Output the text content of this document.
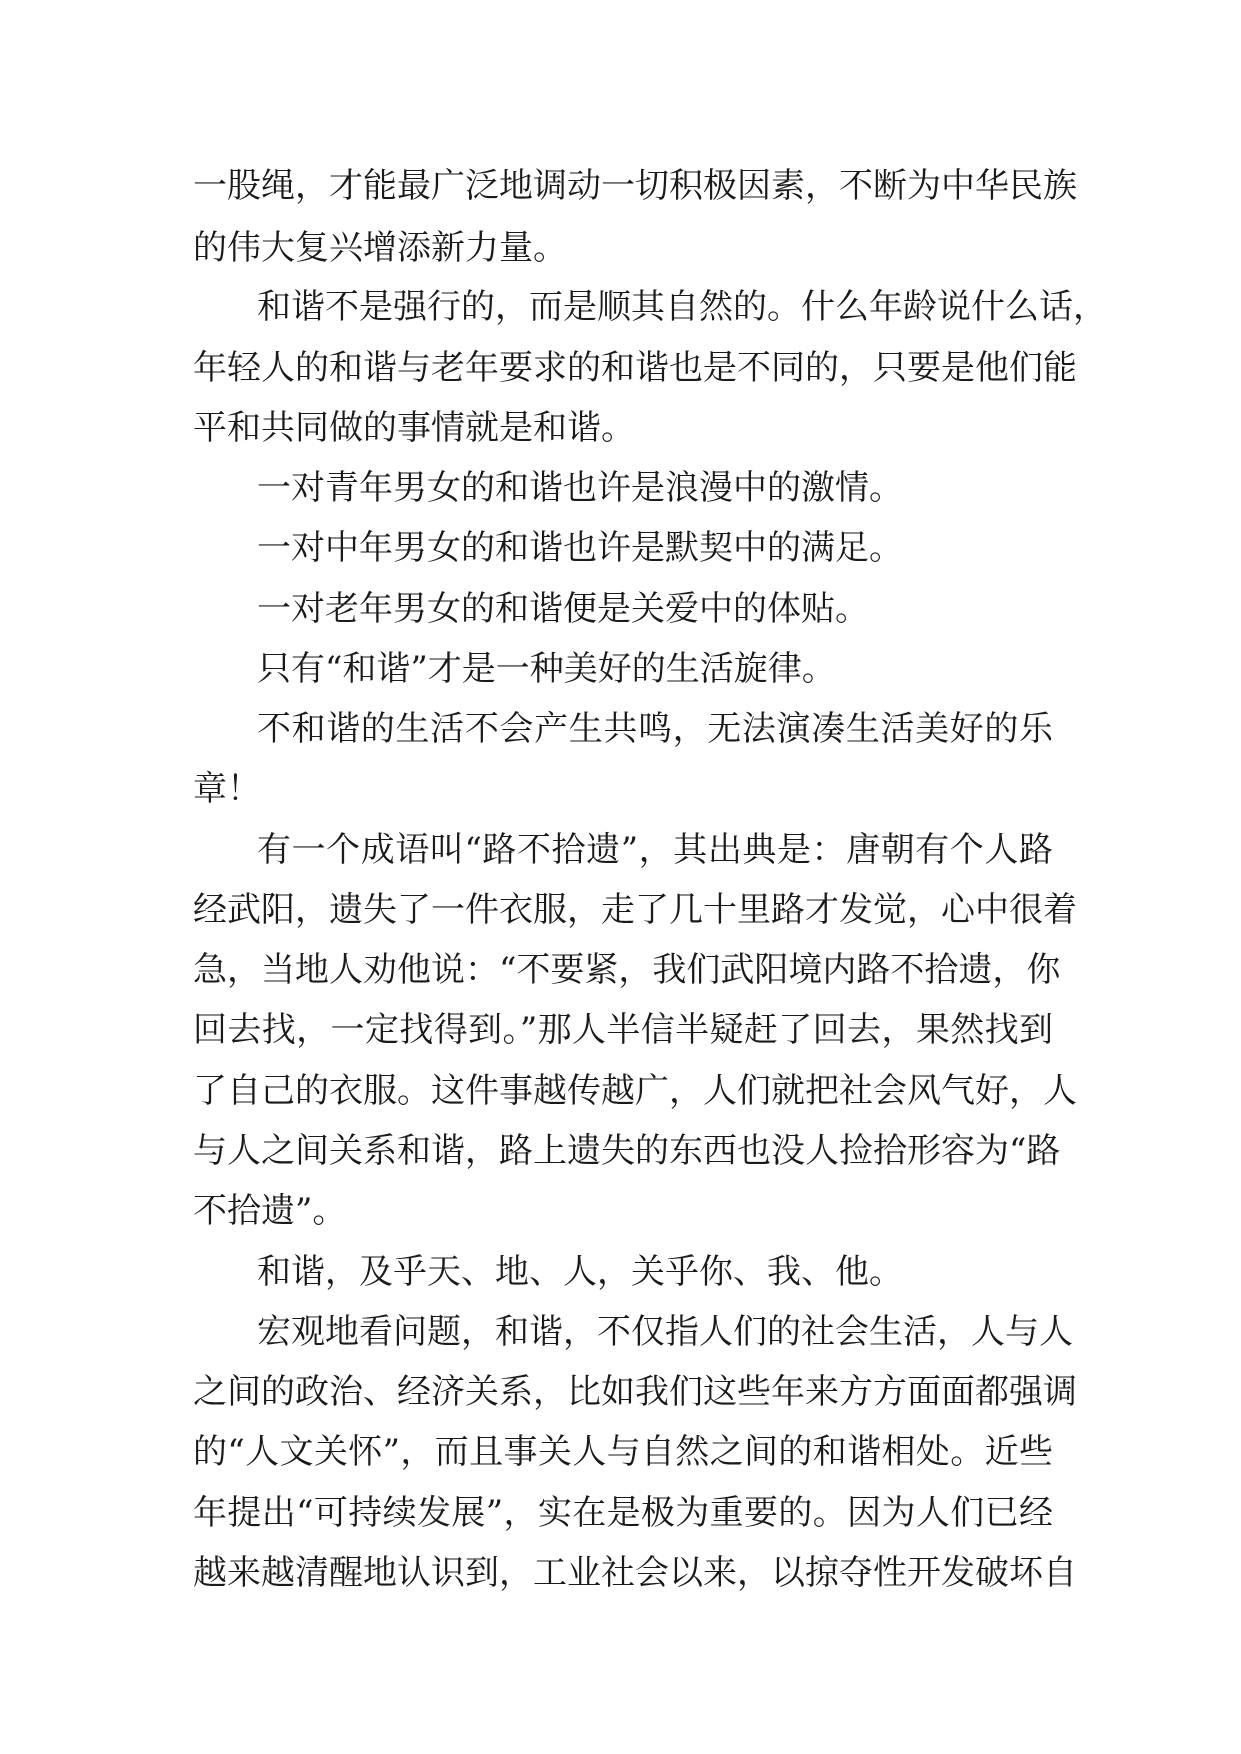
一股绳，才能最广泛地调动一切积极因素，不断为中华民族
的伟大复兴增添新力量。
和谐不是强行的，而是顺其自然的。什么年龄说什么话，
年轻人的和谐与老年要求的和谐也是不同的，只要是他们能
平和共同做的事情就是和谐。
一对青年男女的和谐也许是浪漫中的激情。
一对中年男女的和谐也许是默契中的满足。
一对老年男女的和谐便是关爱中的体贴。
只有“和谐”才是一种美好的生活旋律。
不和谐的生活不会产生共鸣，无法演凑生活美好的乐
章！
有一个成语叫“路不拾遗”，其出典是：唐朝有个人路
经武阳，遗失了一件衣服，走了几十里路才发觉，心中很着
急，当地人劝他说：“不要紧，我们武阳境内路不拾遗，你
回去找，一定找得到。”那人半信半疑赶了回去，果然找到
了自己的衣服。这件事越传越广，人们就把社会风气好，人
与人之间关系和谐，路上遗失的东西也没人捡拾形容为“路
不拾遗”。
和谐，及乎天、地、人，关乎你、我、他。
宏观地看问题，和谐，不仅指人们的社会生活，人与人
之间的政治、经济关系，比如我们这些年来方方面面都强调
的“人文关怀”，而且事关人与自然之间的和谐相处。近些
年提出“可持续发展”，实在是极为重要的。因为人们已经
越来越清醒地认识到，工业社会以来，以掠夺性开发破坏自
